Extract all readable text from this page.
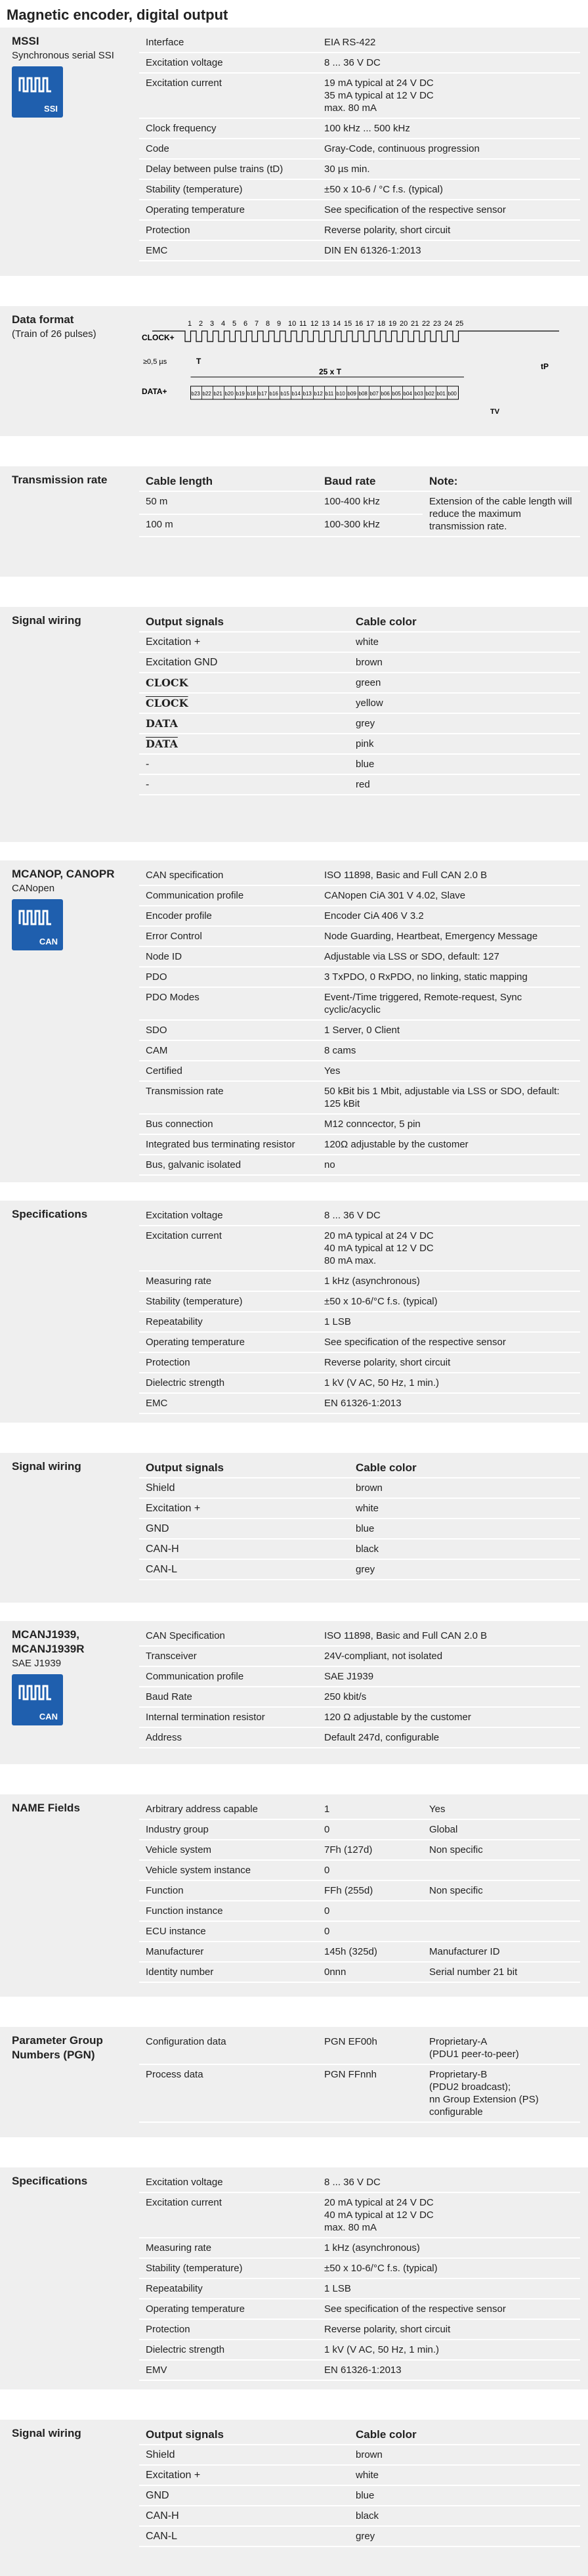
Magnetic encoder, digital output
MSSI
Synchronous serial SSI
SSI
Interface	EIA RS-422
Excitation voltage	8 ... 36 V DC
Excitation current	19 mA typical at 24 V DC
35 mA typical at 12 V DC
max. 80 mA
Clock frequency	100 kHz ... 500 kHz
Code	Gray-Code, continuous progression
Delay between pulse trains (tD)	30 µs min.
Stability (temperature)	±50 x 10-6 / °C f.s. (typical)
Operating temperature	See specification of the respective sensor
Protection	Reverse polarity, short circuit
EMC	DIN EN 61326-1:2013
Data format
(Train of 26 pulses)	CLOCK+
1 2 3 4 5 6 7 8 9 10 11 12 13 14 15 16 17 18 19 20 21 22 23 24 25
≥0,5 µs	T
25 x T
tP
DATA+	b23 b22 b21 b20 b19 b18 b17 b16 b15 b14 b13 b12 b11 b10 b09 b08 b07 b06 b05 b04 b03 b02 b01 b00
TV
Transmission rate	Cable length	Baud rate	Note:
50 m	100-400 kHz	Extension of the cable length will reduce the maximum transmission rate.
100 m	100-300 kHz	
Signal wiring	Output signals	Cable color
Excitation +	white
Excitation GND	brown
CLOCK	green
CLOCK	yellow
DATA	grey
DATA	pink
-	blue
-	red
MCANOP, CANOPR
CANopen
CAN
CAN specification	ISO 11898, Basic and Full CAN 2.0 B
Communication profile	CANopen CiA 301 V 4.02, Slave
Encoder profile	Encoder CiA 406 V 3.2
Error Control	Node Guarding, Heartbeat, Emergency Message
Node ID	Adjustable via LSS or SDO, default: 127
PDO	3 TxPDO, 0 RxPDO, no linking, static mapping
PDO Modes	Event-/Time triggered, Remote-request, Sync cyclic/acyclic
SDO	1 Server, 0 Client
CAM	8 cams
Certified	Yes
Transmission rate	50 kBit bis 1 Mbit, adjustable via LSS or SDO, default: 125 kBit
Bus connection	M12 conncector, 5 pin
Integrated bus terminating resistor	120Ω adjustable by the customer
Bus, galvanic isolated	no
Specifications	Excitation voltage	8 ... 36 V DC
Excitation current	20 mA typical at 24 V DC
40 mA typical at 12 V DC
80 mA max.
Measuring rate	1 kHz (asynchronous)
Stability (temperature)	±50 x 10-6/°C f.s. (typical)
Repeatability	1 LSB
Operating temperature	See specification of the respective sensor
Protection	Reverse polarity, short circuit
Dielectric strength	1 kV (V AC, 50 Hz, 1 min.)
EMC	EN 61326-1:2013
Signal wiring	Output signals	Cable color
Shield	brown
Excitation +	white
GND	blue
CAN-H	black
CAN-L	grey
MCANJ1939, MCANJ1939R
SAE J1939
CAN
CAN Specification	ISO 11898, Basic and Full CAN 2.0 B
Transceiver	24V-compliant, not isolated
Communication profile	SAE J1939
Baud Rate	250 kbit/s
Internal termination resistor	120 Ω adjustable by the customer
Address	Default 247d, configurable
NAME Fields	Arbitrary address capable	1	Yes
Industry group	0	Global
Vehicle system	7Fh (127d)	Non specific
Vehicle system instance	0	
Function	FFh (255d)	Non specific
Function instance	0	
ECU instance	0	
Manufacturer	145h (325d)	Manufacturer ID
Identity number	0nnn	Serial number 21 bit
Parameter Group Numbers (PGN)
Configuration data	PGN EF00h	Proprietary-A
(PDU1 peer-to-peer)
Process data	PGN FFnnh	Proprietary-B
(PDU2 broadcast);
nn Group Extension (PS)
configurable
Specifications	Excitation voltage	8 ... 36 V DC
Excitation current	20 mA typical at 24 V DC
40 mA typical at 12 V DC
max. 80 mA
Measuring rate	1 kHz (asynchronous)
Stability (temperature)	±50 x 10-6/°C f.s. (typical)
Repeatability	1 LSB
Operating temperature	See specification of the respective sensor
Protection	Reverse polarity, short circuit
Dielectric strength	1 kV (V AC, 50 Hz, 1 min.)
EMV	EN 61326-1:2013
Signal wiring	Output signals	Cable color
Shield	brown
Excitation +	white
GND	blue
CAN-H	black
CAN-L	grey
